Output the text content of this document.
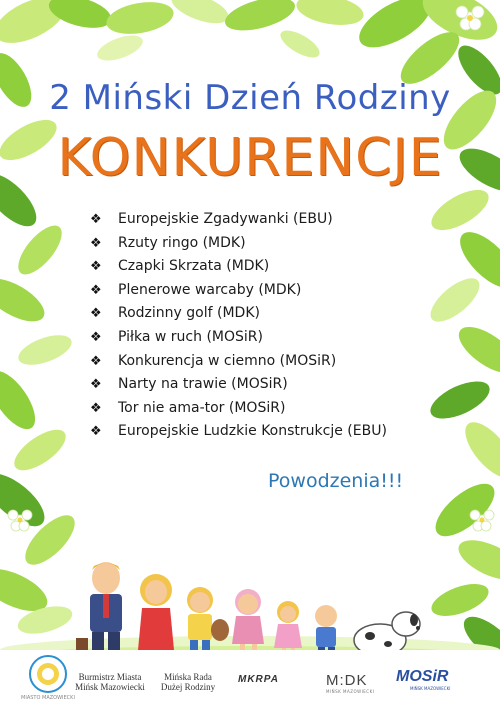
2 Miński Dzień Rodziny
KONKURENCJE
❖ Europejskie Zgadywanki (EBU)
❖ Rzuty ringo (MDK)
❖ Czapki Skrzata (MDK)
❖ Plenerowe warcaby (MDK)
❖ Rodzinny golf (MDK)
❖ Piłka w ruch (MOSiR)
❖ Konkurencja w ciemno (MOSiR)
❖ Narty na trawie (MOSiR)
❖ Tor nie ama-tor (MOSiR)
❖ Europejskie Ludzkie Konstrukcje (EBU)
Powodzenia!!!
MIASTO MAZOWIECKI
Burmistrz Miasta
Mińsk Mazowiecki
Mińska Rada
Dużej Rodziny
MKRPA	M:DK
MIŃSK MAZOWIECKI
MOSiR
MIŃSK MAZOWIECKI
